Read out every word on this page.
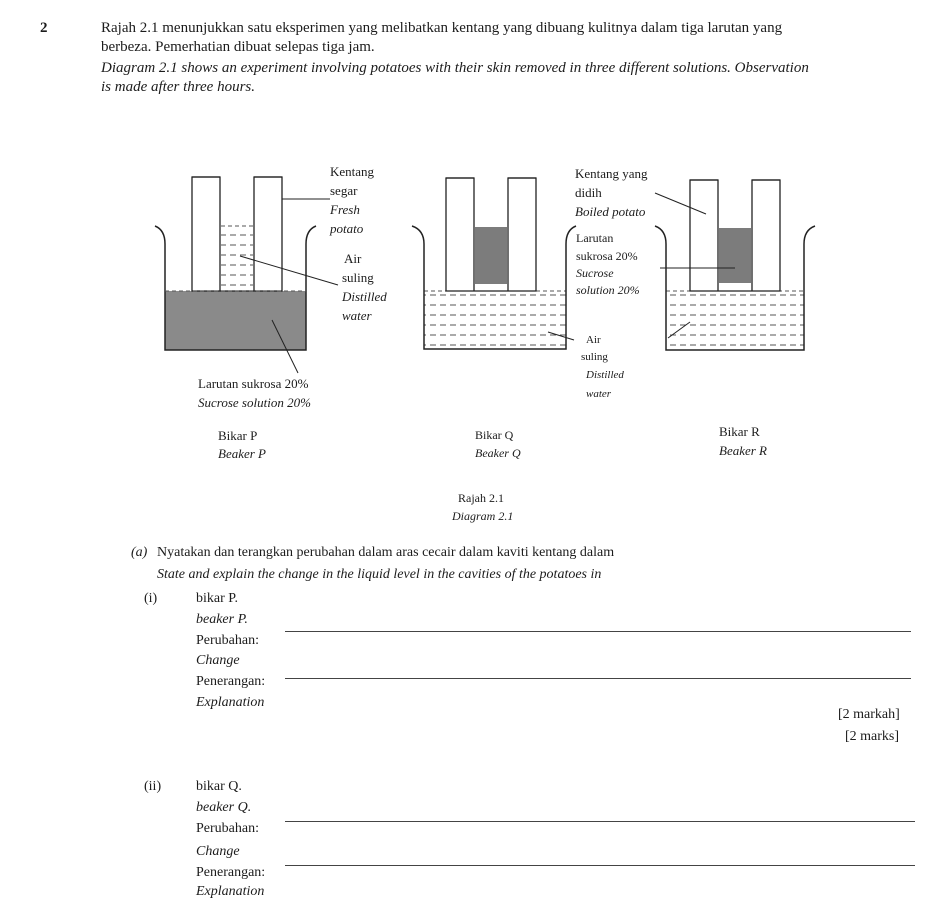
2	Rajah 2.1 menunjukkan satu eksperimen yang melibatkan kentang yang dibuang kulitnya dalam tiga larutan yang
berbeza. Pemerhatian dibuat selepas tiga jam.
Diagram 2.1 shows an experiment involving potatoes with their skin removed in three different solutions. Observation
is made after three hours.
Kentang
segar
Fresh
potato
Air
suling
Distilled
water
Larutan sukrosa 20%
Sucrose solution 20%
Kentang yang
didih
Boiled potato
Larutan
sukrosa 20%
Sucrose
solution 20%
Air
suling
Distilled
water
Bikar P
Beaker P
Bikar Q
Beaker Q
Bikar R
Beaker R
Rajah 2.1
Diagram 2.1
(a) Nyatakan dan terangkan perubahan dalam aras cecair dalam kaviti kentang dalam
State and explain the change in the liquid level in the cavities of the potatoes in
(i)	bikar P.
beaker P.
Perubahan:
Change
Penerangan:
Explanation
[2 markah]
[2 marks]
(ii) bikar Q.
beaker Q.
Perubahan:
Change
Penerangan:
Explanation
